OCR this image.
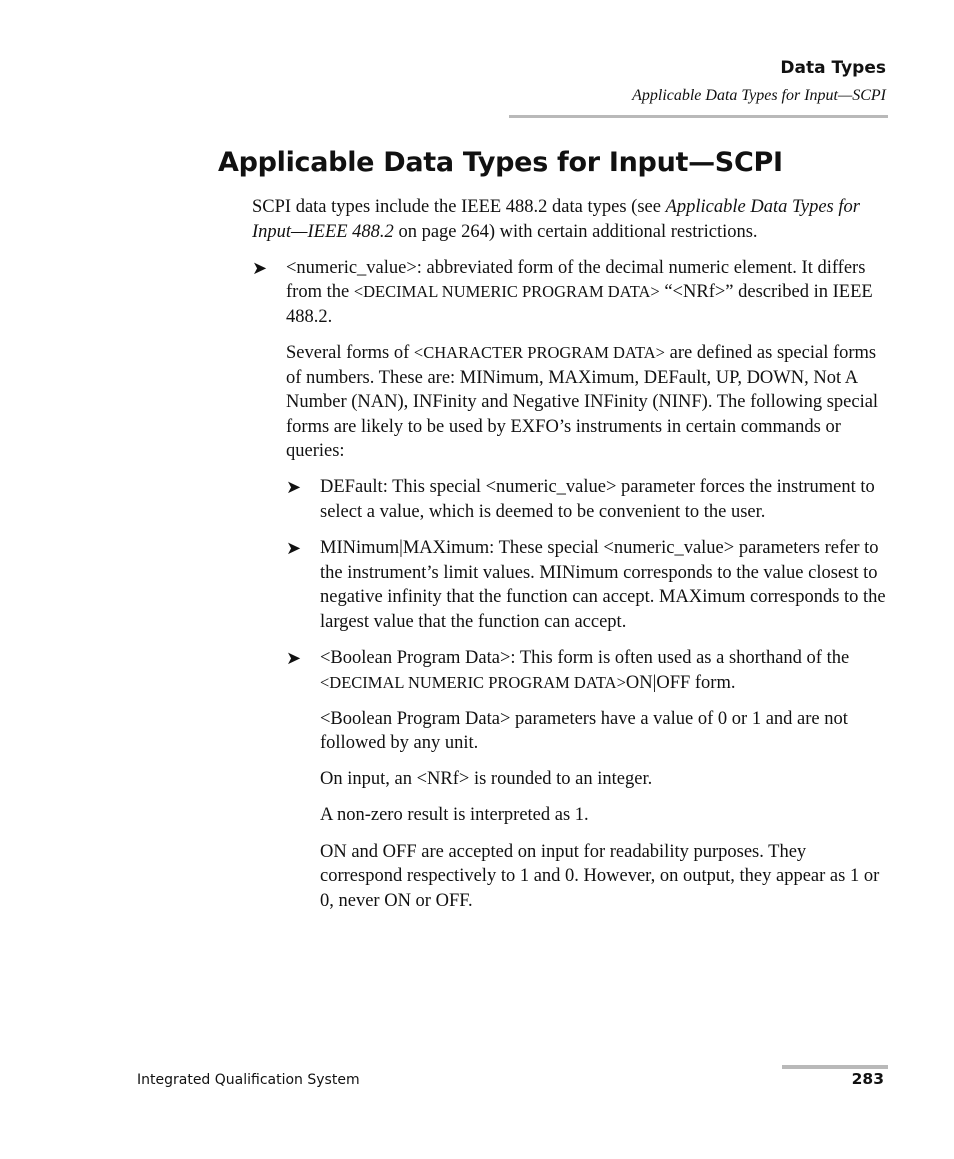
Data Types
Applicable Data Types for Input—SCPI
Applicable Data Types for Input—SCPI

SCPI data types include the IEEE 488.2 data types (see Applicable Data Types for Input—IEEE 488.2 on page 264) with certain additional restrictions.

➤ <numeric_value>: abbreviated form of the decimal numeric element. It differs from the <DECIMAL NUMERIC PROGRAM DATA> “<NRf>” described in IEEE 488.2.

Several forms of <CHARACTER PROGRAM DATA> are defined as special forms of numbers. These are: MINimum, MAXimum, DEFault, UP, DOWN, Not A Number (NAN), INFinity and Negative INFinity (NINF). The following special forms are likely to be used by EXFO’s instruments in certain commands or queries:

➤ DEFault: This special <numeric_value> parameter forces the instrument to select a value, which is deemed to be convenient to the user.

➤ MINimum|MAXimum: These special <numeric_value> parameters refer to the instrument’s limit values. MINimum corresponds to the value closest to negative infinity that the function can accept. MAXimum corresponds to the largest value that the function can accept.

➤ <Boolean Program Data>: This form is often used as a shorthand of the <DECIMAL NUMERIC PROGRAM DATA>ON|OFF form.

<Boolean Program Data> parameters have a value of 0 or 1 and are not followed by any unit.

On input, an <NRf> is rounded to an integer.

A non-zero result is interpreted as 1.

ON and OFF are accepted on input for readability purposes. They correspond respectively to 1 and 0. However, on output, they appear as 1 or 0, never ON or OFF.

Integrated Qualification System	283
